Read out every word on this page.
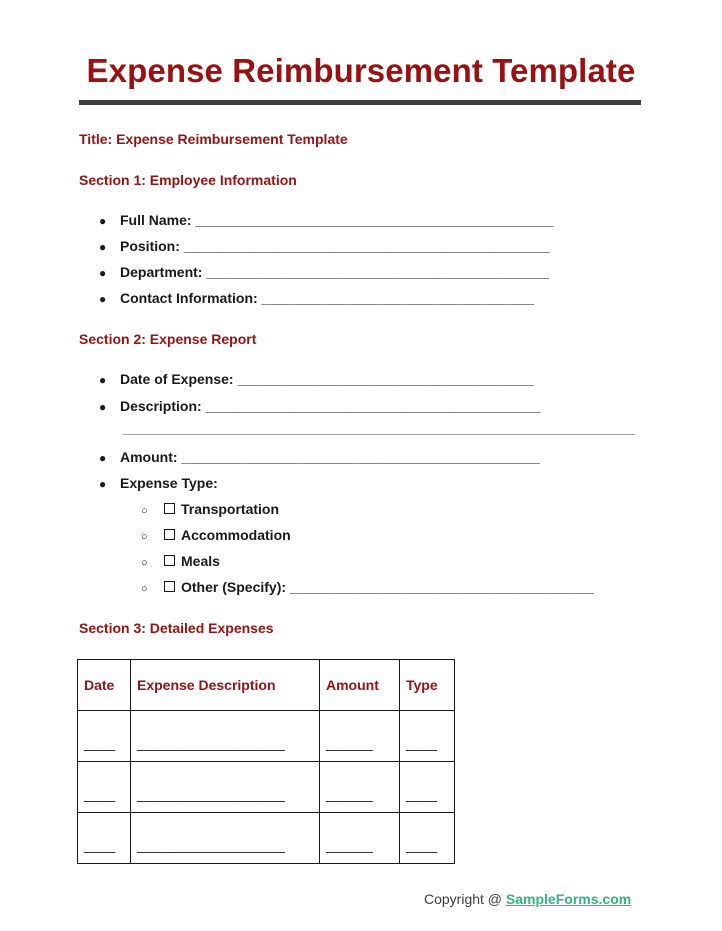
Expense Reimbursement Template
Title: Expense Reimbursement Template
Section 1: Employee Information
● Full Name: ______________________________________________
● Position: _______________________________________________
● Department: ____________________________________________
● Contact Information: ___________________________________
Section 2: Expense Report
● Date of Expense: ______________________________________
● Description: ___________________________________________
● Amount: ______________________________________________
● Expense Type:
○ Transportation
○ Accommodation
○ Meals
○ Other (Specify): _______________________________________
Section 3: Detailed Expenses
Date	Expense Description	Amount	Type
____	___________________	______	____
____	___________________	______	____
____	___________________	______	____
Copyright @ SampleForms.com
